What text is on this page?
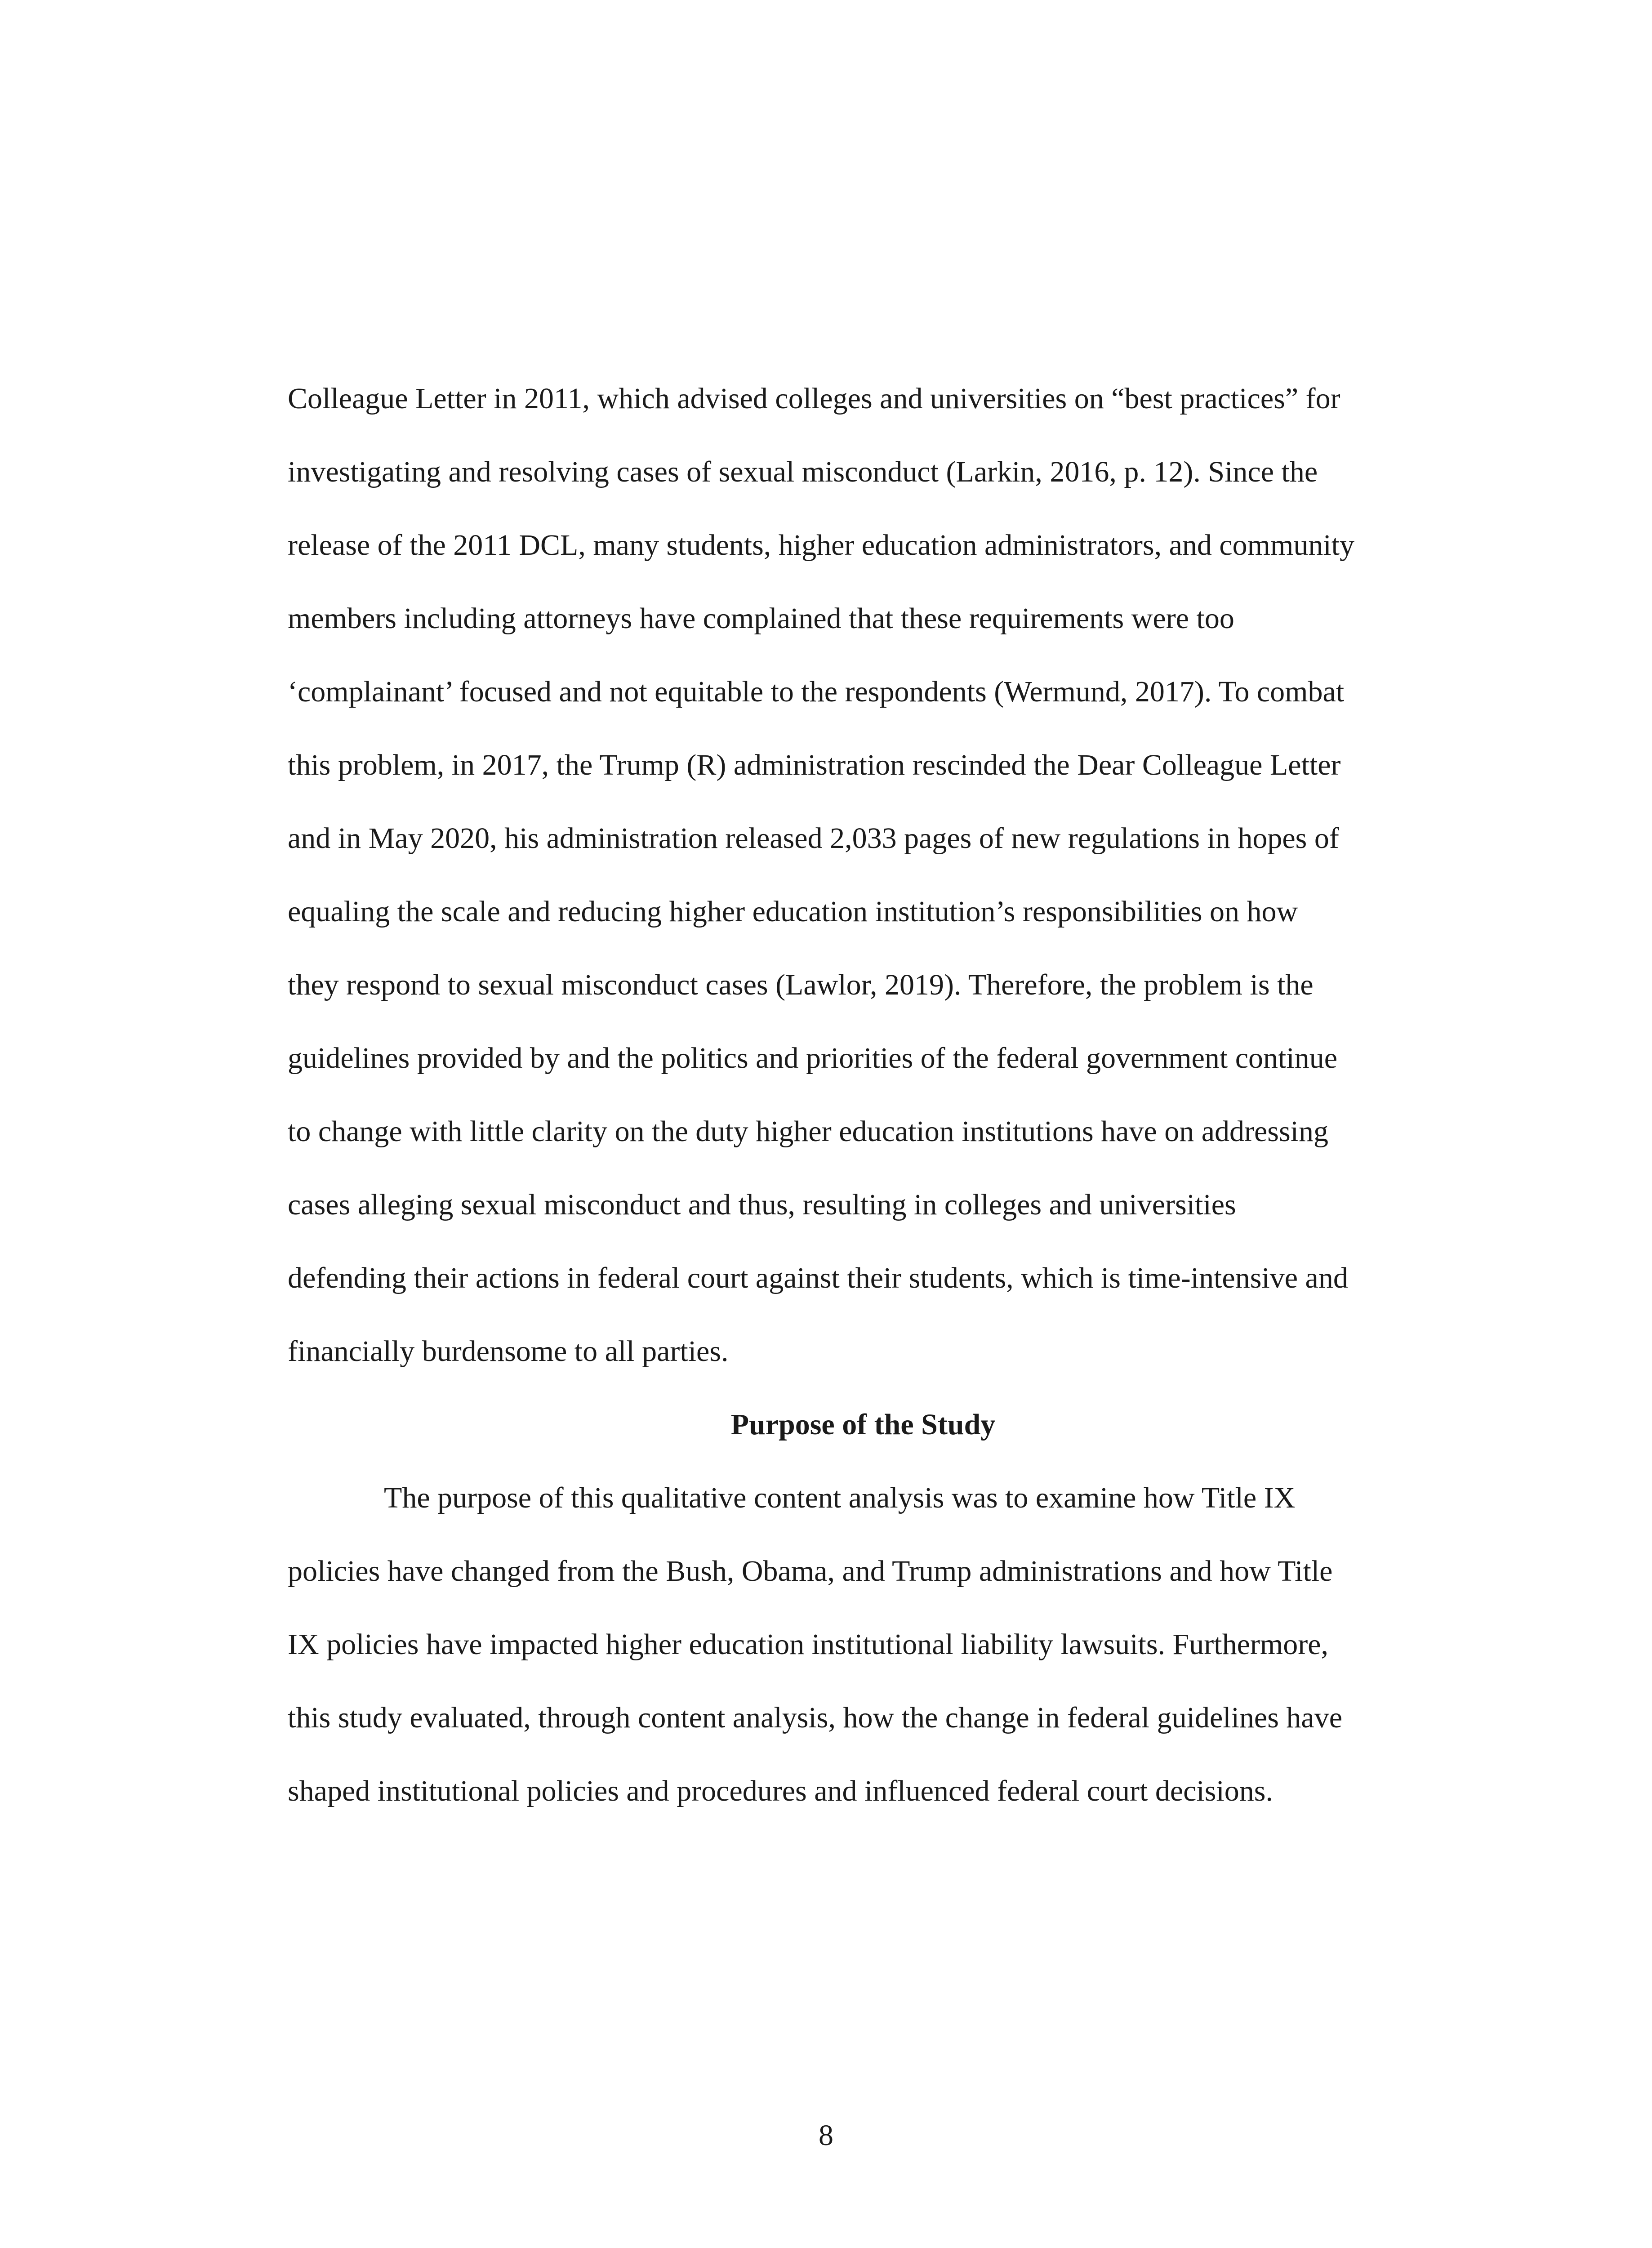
Colleague Letter in 2011, which advised colleges and universities on “best practices” for
investigating and resolving cases of sexual misconduct (Larkin, 2016, p. 12). Since the
release of the 2011 DCL, many students, higher education administrators, and community
members including attorneys have complained that these requirements were too
‘complainant’ focused and not equitable to the respondents (Wermund, 2017). To combat
this problem, in 2017, the Trump (R) administration rescinded the Dear Colleague Letter
and in May 2020, his administration released 2,033 pages of new regulations in hopes of
equaling the scale and reducing higher education institution’s responsibilities on how
they respond to sexual misconduct cases (Lawlor, 2019). Therefore, the problem is the
guidelines provided by and the politics and priorities of the federal government continue
to change with little clarity on the duty higher education institutions have on addressing
cases alleging sexual misconduct and thus, resulting in colleges and universities
defending their actions in federal court against their students, which is time-intensive and
financially burdensome to all parties.
Purpose of the Study
The purpose of this qualitative content analysis was to examine how Title IX
policies have changed from the Bush, Obama, and Trump administrations and how Title
IX policies have impacted higher education institutional liability lawsuits. Furthermore,
this study evaluated, through content analysis, how the change in federal guidelines have
shaped institutional policies and procedures and influenced federal court decisions.
8
